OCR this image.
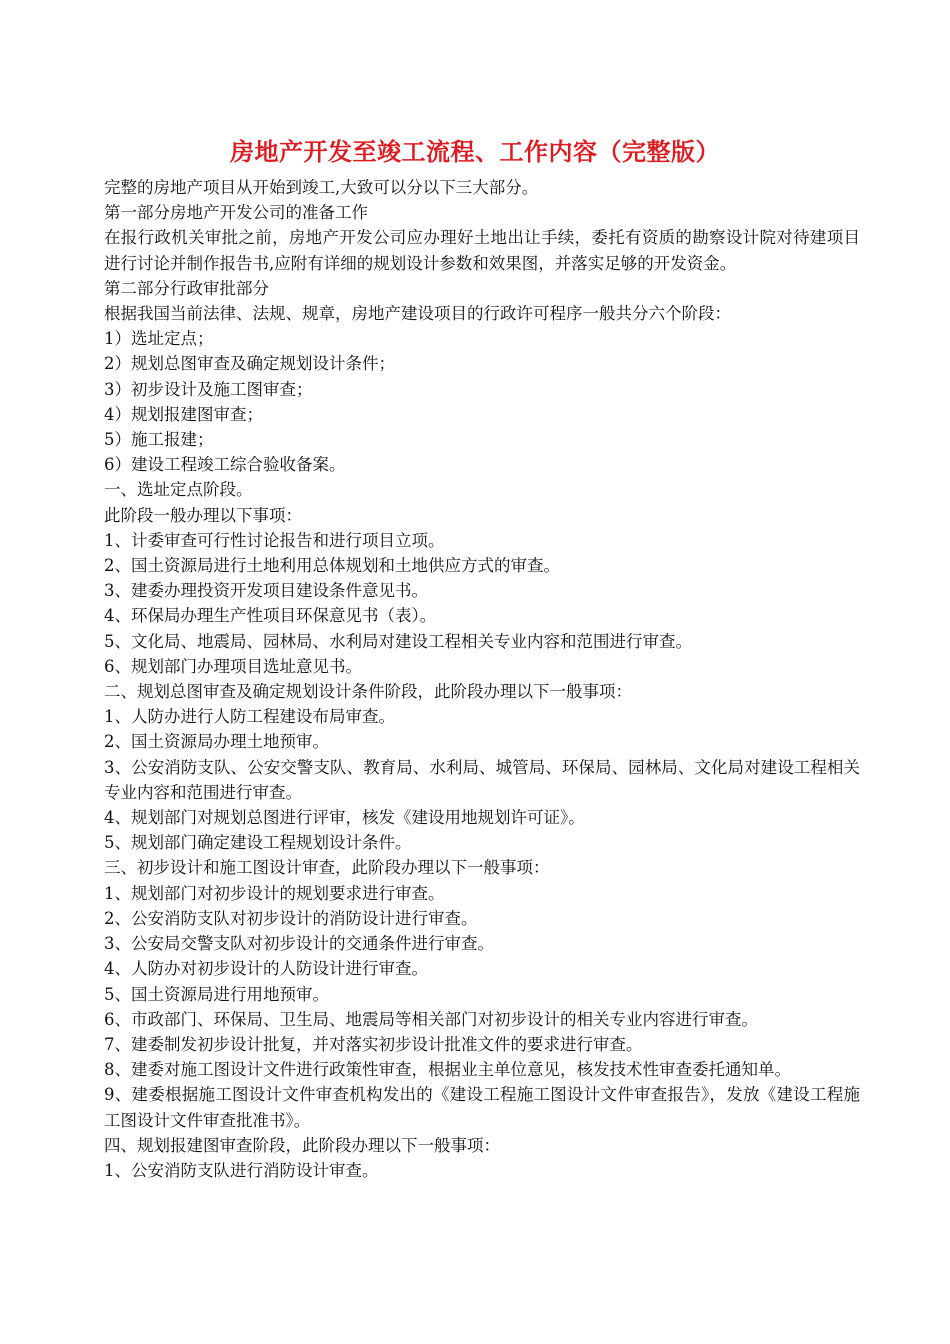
房地产开发至竣工流程、工作内容（完整版）

完整的房地产项目从开始到竣工,大致可以分以下三大部分。

第一部分房地产开发公司的准备工作

在报行政机关审批之前，房地产开发公司应办理好土地出让手续，委托有资质的勘察设计院对待建项目进行讨论并制作报告书,应附有详细的规划设计参数和效果图，并落实足够的开发资金。

第二部分行政审批部分

根据我国当前法律、法规、规章，房地产建设项目的行政许可程序一般共分六个阶段：

1）选址定点；

2）规划总图审查及确定规划设计条件；

3）初步设计及施工图审查；

4）规划报建图审查；

5）施工报建；

6）建设工程竣工综合验收备案。

一、选址定点阶段。

此阶段一般办理以下事项：

1、计委审查可行性讨论报告和进行项目立项。

2、国土资源局进行土地利用总体规划和土地供应方式的审查。

3、建委办理投资开发项目建设条件意见书。

4、环保局办理生产性项目环保意见书（表）。

5、文化局、地震局、园林局、水利局对建设工程相关专业内容和范围进行审查。

6、规划部门办理项目选址意见书。

二、规划总图审查及确定规划设计条件阶段，此阶段办理以下一般事项：

1、人防办进行人防工程建设布局审查。

2、国土资源局办理土地预审。

3、公安消防支队、公安交警支队、教育局、水利局、城管局、环保局、园林局、文化局对建设工程相关专业内容和范围进行审查。

4、规划部门对规划总图进行评审，核发《建设用地规划许可证》。

5、规划部门确定建设工程规划设计条件。

三、初步设计和施工图设计审查，此阶段办理以下一般事项：

1、规划部门对初步设计的规划要求进行审查。

2、公安消防支队对初步设计的消防设计进行审查。

3、公安局交警支队对初步设计的交通条件进行审查。

4、人防办对初步设计的人防设计进行审查。

5、国土资源局进行用地预审。

6、市政部门、环保局、卫生局、地震局等相关部门对初步设计的相关专业内容进行审查。

7、建委制发初步设计批复，并对落实初步设计批准文件的要求进行审查。

8、建委对施工图设计文件进行政策性审查，根据业主单位意见，核发技术性审查委托通知单。

9、建委根据施工图设计文件审查机构发出的《建设工程施工图设计文件审查报告》，发放《建设工程施工图设计文件审查批准书》。

四、规划报建图审查阶段，此阶段办理以下一般事项：

1、公安消防支队进行消防设计审查。
